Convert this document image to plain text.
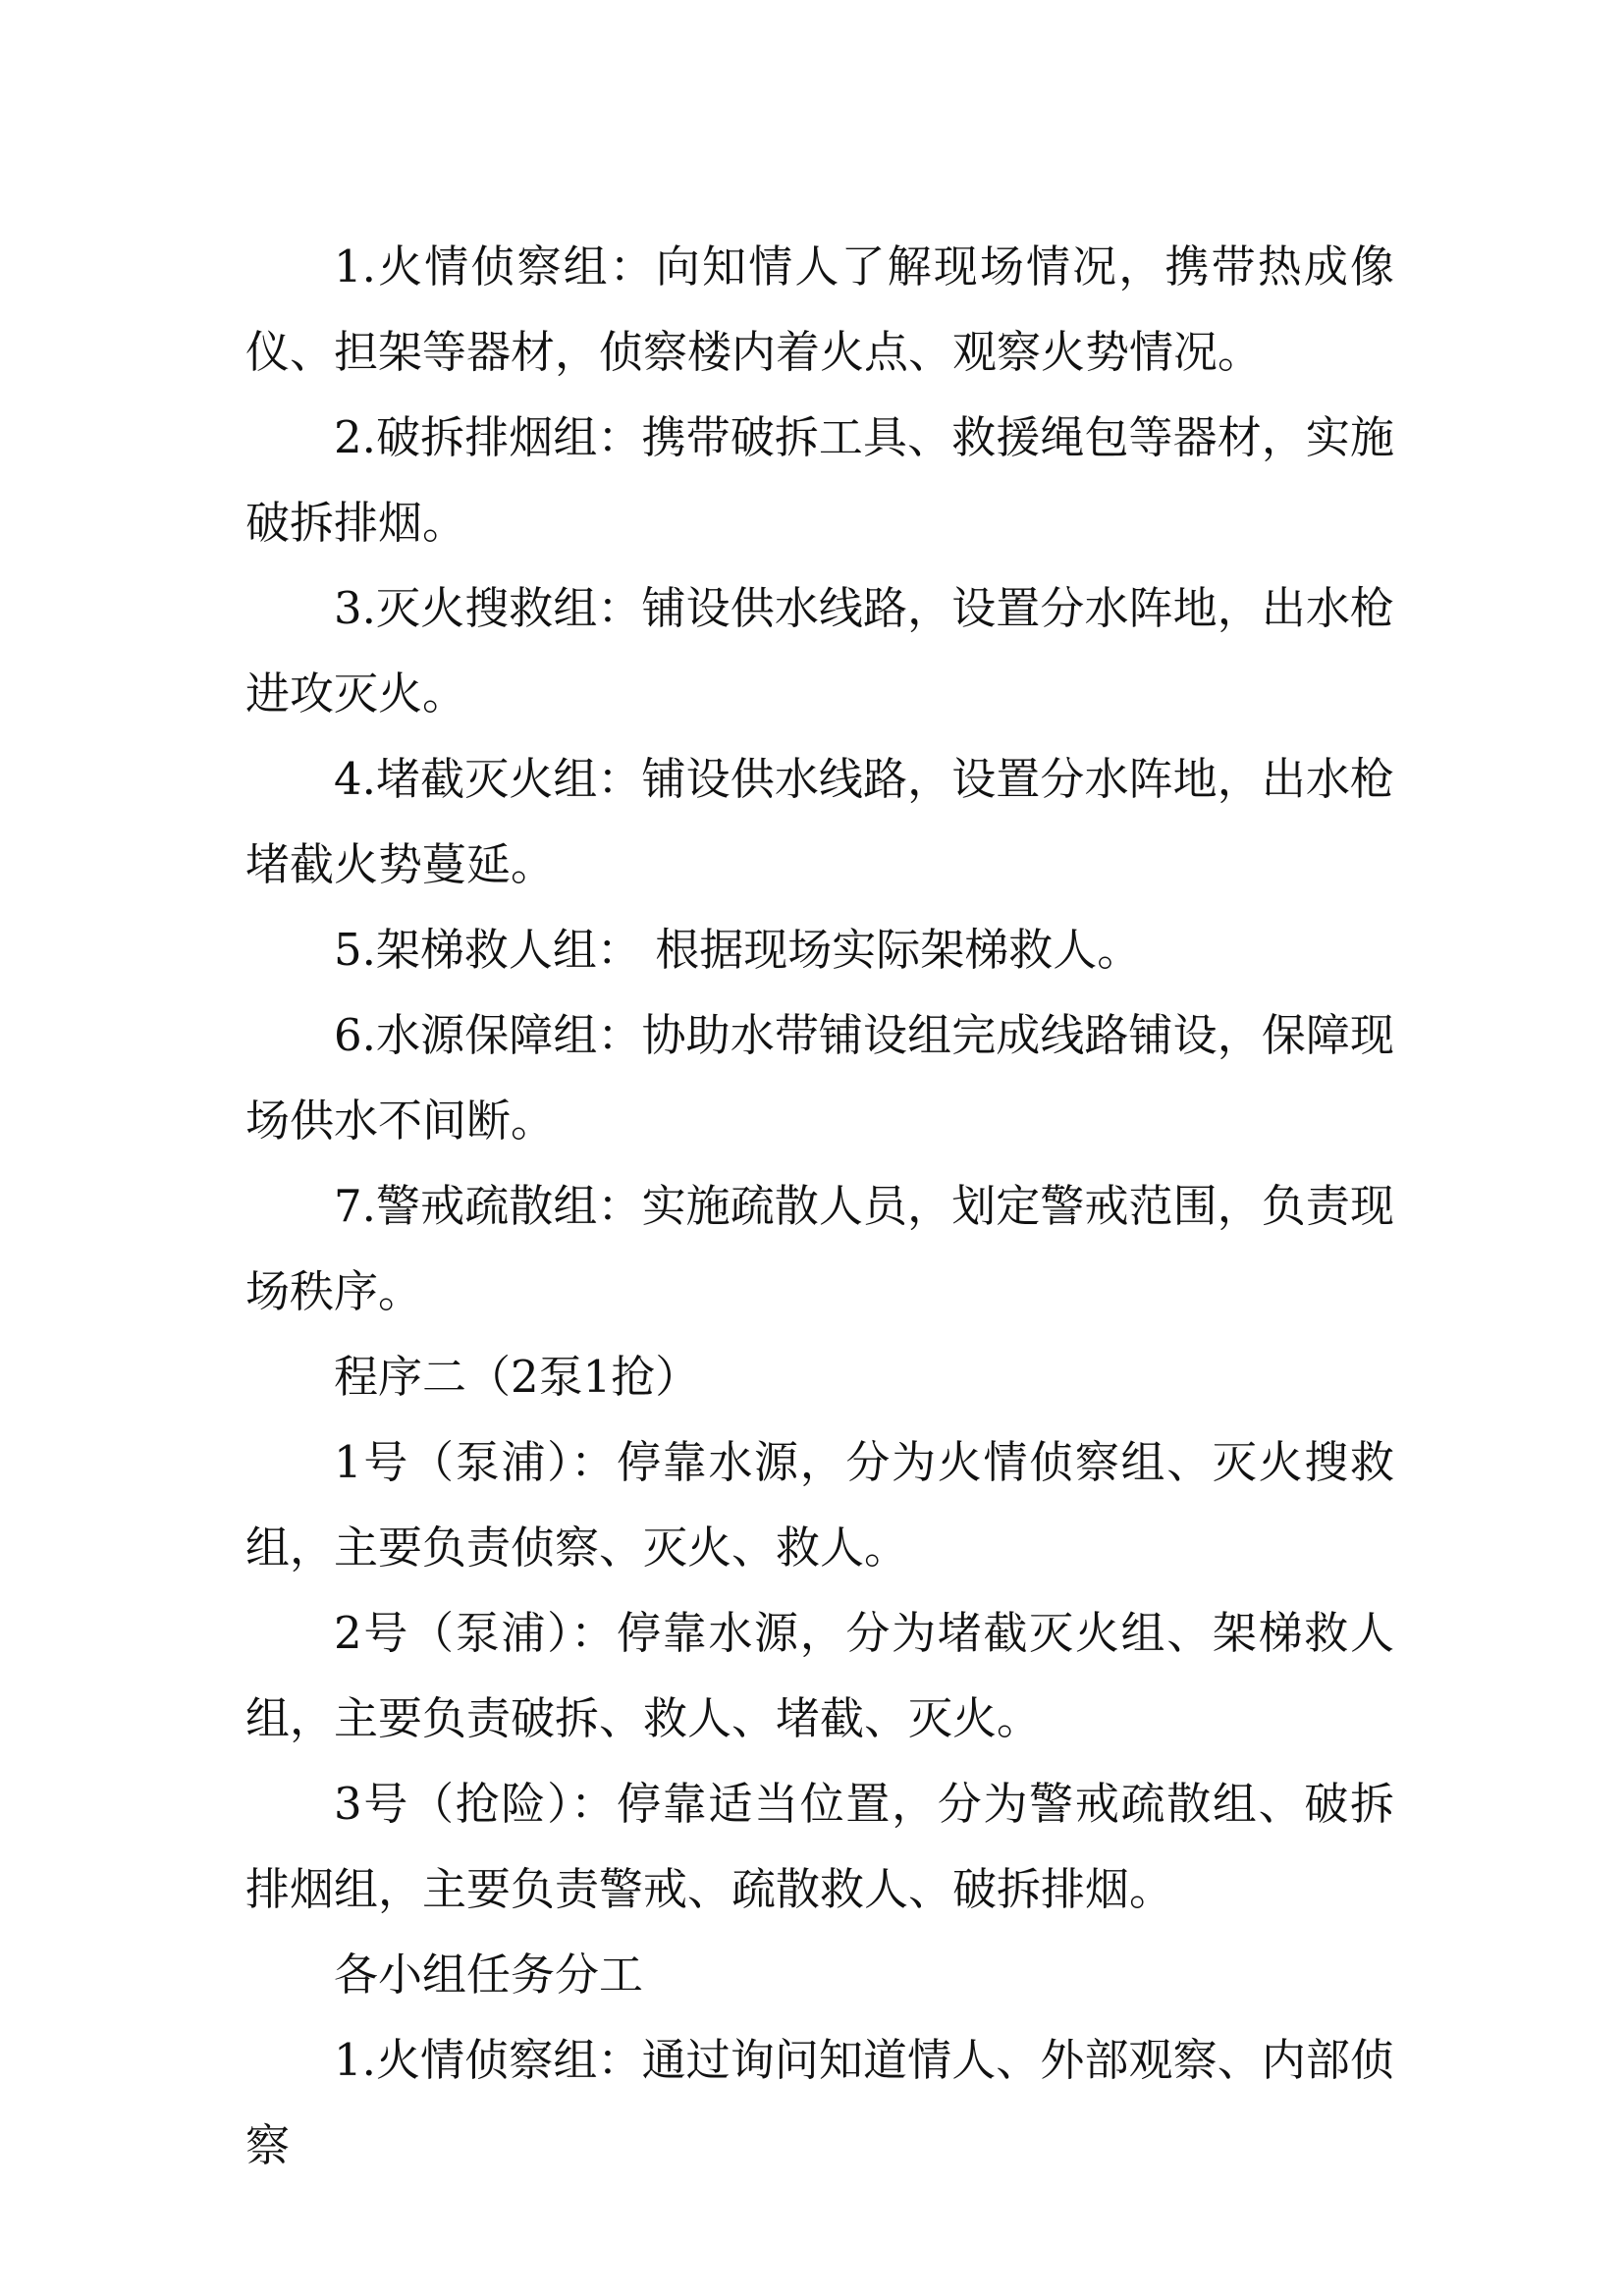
1.火情侦察组：向知情人了解现场情况，携带热成像仪、担架等器材，侦察楼内着火点、观察火势情况。

2.破拆排烟组：携带破拆工具、救援绳包等器材，实施破拆排烟。

3.灭火搜救组：铺设供水线路，设置分水阵地，出水枪进攻灭火。

4.堵截灭火组：铺设供水线路，设置分水阵地，出水枪堵截火势蔓延。

5.架梯救人组： 根据现场实际架梯救人。

6.水源保障组：协助水带铺设组完成线路铺设，保障现场供水不间断。

7.警戒疏散组：实施疏散人员，划定警戒范围，负责现场秩序。

程序二（2泵1抢）

1号（泵浦）：停靠水源，分为火情侦察组、灭火搜救组，主要负责侦察、灭火、救人。

2号（泵浦）：停靠水源，分为堵截灭火组、架梯救人组，主要负责破拆、救人、堵截、灭火。

3号（抢险）：停靠适当位置，分为警戒疏散组、破拆排烟组，主要负责警戒、疏散救人、破拆排烟。

各小组任务分工

1.火情侦察组：通过询问知道情人、外部观察、内部侦察
